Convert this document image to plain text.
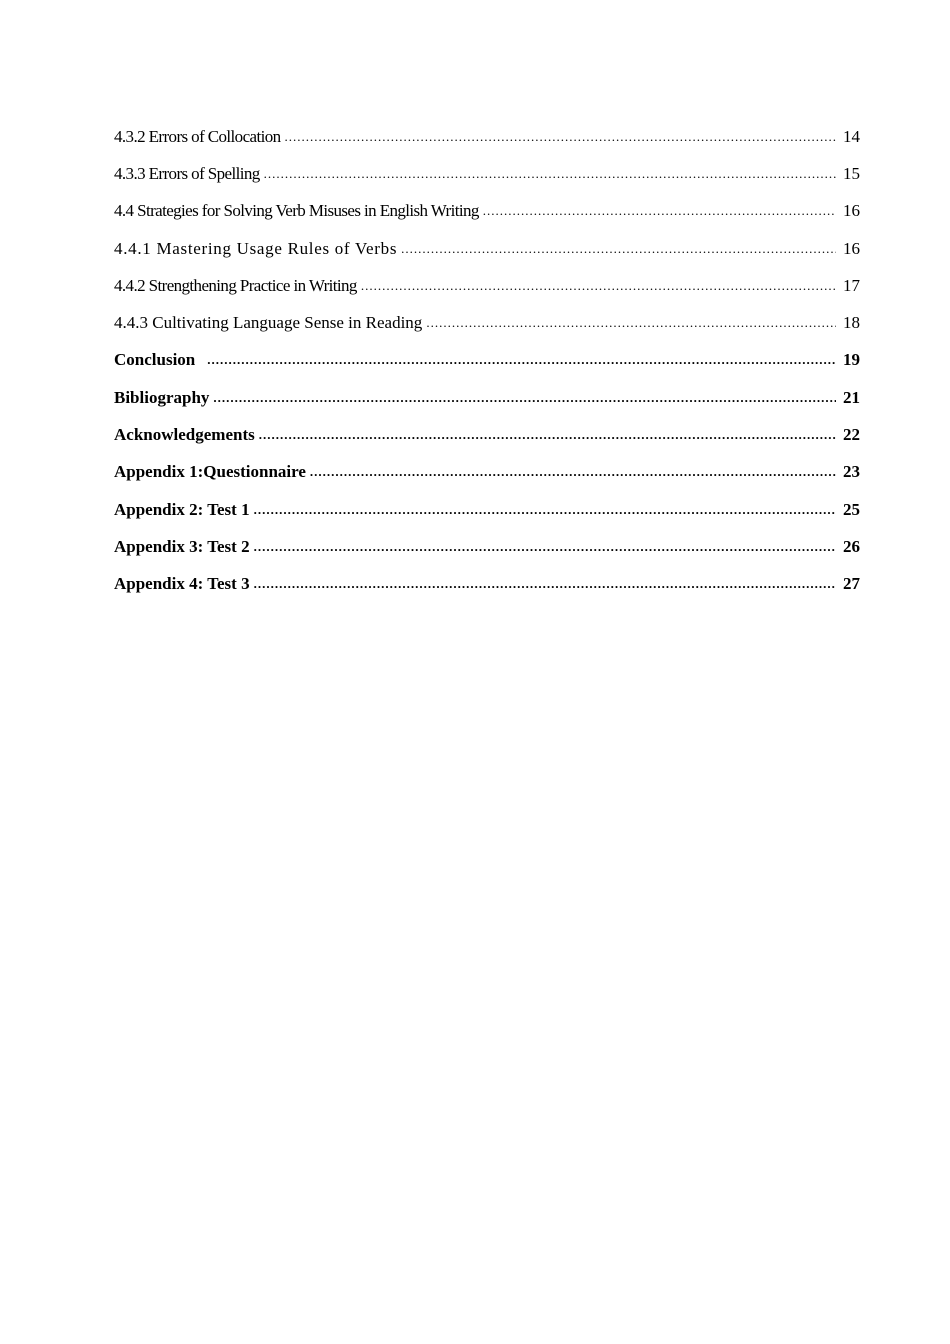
4.3.2 Errors of Collocation .....	14
4.3.3 Errors of Spelling .....	15
4.4 Strategies for Solving Verb Misuses in English Writing .....	16
4.4.1 Mastering Usage Rules of Verbs .....	16
4.4.2 Strengthening Practice in Writing .....	17
4.4.3 Cultivating Language Sense in Reading .....	18
Conclusion .....	19
Bibliography .....	21
Acknowledgements .....	22
Appendix 1:Questionnaire .....	23
Appendix 2: Test 1 .....	25
Appendix 3: Test 2 .....	26
Appendix 4: Test 3 .....	27
